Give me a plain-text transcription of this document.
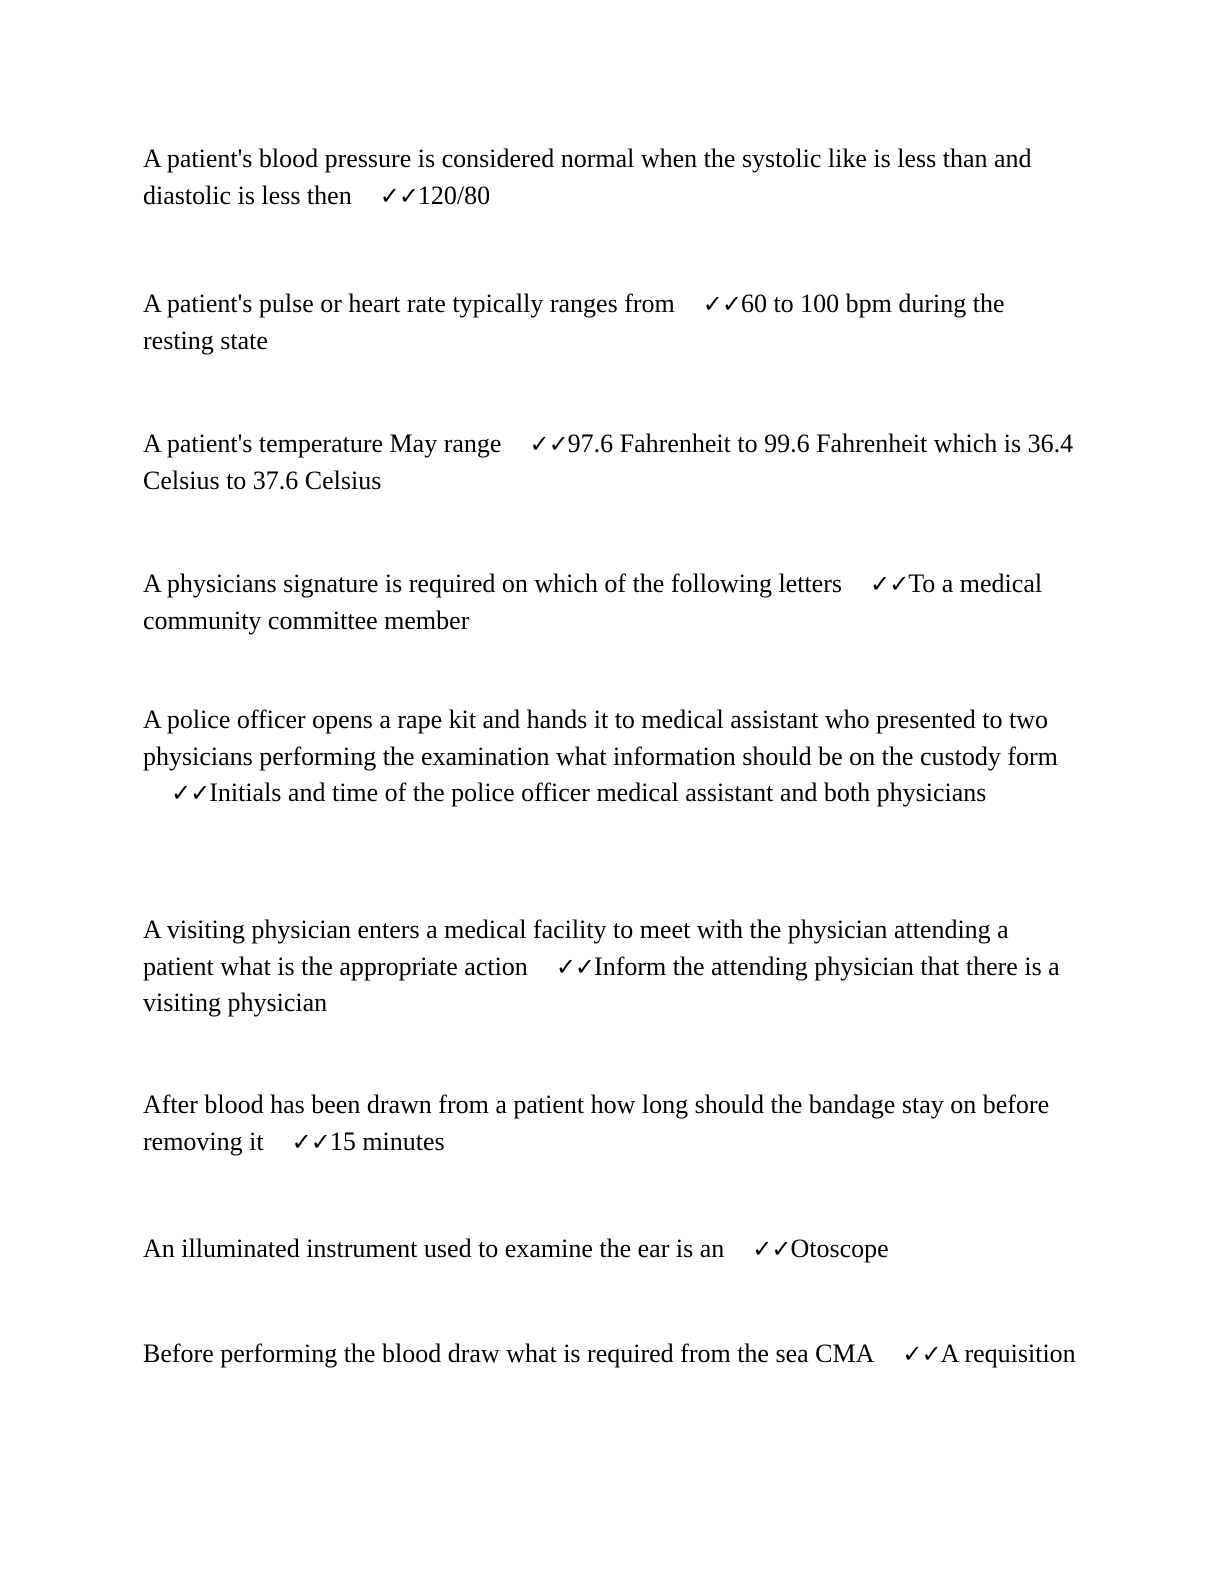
A patient's blood pressure is considered normal when the systolic like is less than and diastolic is less then ✓✓120/80

A patient's pulse or heart rate typically ranges from ✓✓60 to 100 bpm during the resting state

A patient's temperature May range ✓✓97.6 Fahrenheit to 99.6 Fahrenheit which is 36.4 Celsius to 37.6 Celsius

A physicians signature is required on which of the following letters ✓✓To a medical community committee member

A police officer opens a rape kit and hands it to medical assistant who presented to two physicians performing the examination what information should be on the custody form✓✓Initials and time of the police officer medical assistant and both physicians

A visiting physician enters a medical facility to meet with the physician attending a patient what is the appropriate action ✓✓Inform the attending physician that there is a visiting physician

After blood has been drawn from a patient how long should the bandage stay on before removing it ✓✓15 minutes

An illuminated instrument used to examine the ear is an ✓✓Otoscope

Before performing the blood draw what is required from the sea CMA ✓✓A requisition
